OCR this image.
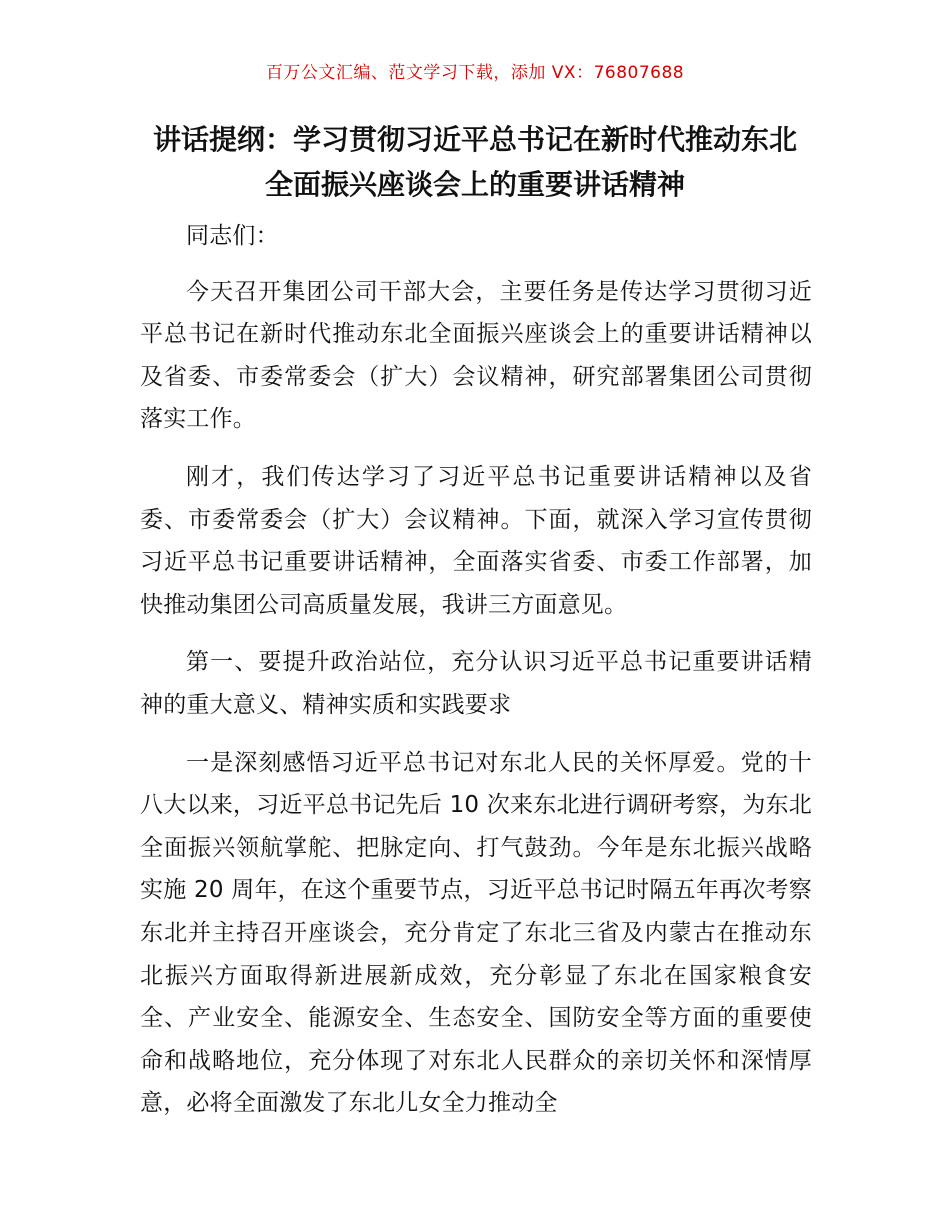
百万公文汇编、范文学习下载，添加 VX：76807688
讲话提纲：学习贯彻习近平总书记在新时代推动东北全面振兴座谈会上的重要讲话精神

同志们：

今天召开集团公司干部大会，主要任务是传达学习贯彻习近平总书记在新时代推动东北全面振兴座谈会上的重要讲话精神以及省委、市委常委会（扩大）会议精神，研究部署集团公司贯彻落实工作。

刚才，我们传达学习了习近平总书记重要讲话精神以及省委、市委常委会（扩大）会议精神。下面，就深入学习宣传贯彻习近平总书记重要讲话精神，全面落实省委、市委工作部署，加快推动集团公司高质量发展，我讲三方面意见。

第一、要提升政治站位，充分认识习近平总书记重要讲话精神的重大意义、精神实质和实践要求

一是深刻感悟习近平总书记对东北人民的关怀厚爱。党的十八大以来，习近平总书记先后 10 次来东北进行调研考察，为东北全面振兴领航掌舵、把脉定向、打气鼓劲。今年是东北振兴战略实施 20 周年，在这个重要节点，习近平总书记时隔五年再次考察东北并主持召开座谈会，充分肯定了东北三省及内蒙古在推动东北振兴方面取得新进展新成效，充分彰显了东北在国家粮食安全、产业安全、能源安全、生态安全、国防安全等方面的重要使命和战略地位，充分体现了对东北人民群众的亲切关怀和深情厚意，必将全面激发了东北儿女全力推动全
